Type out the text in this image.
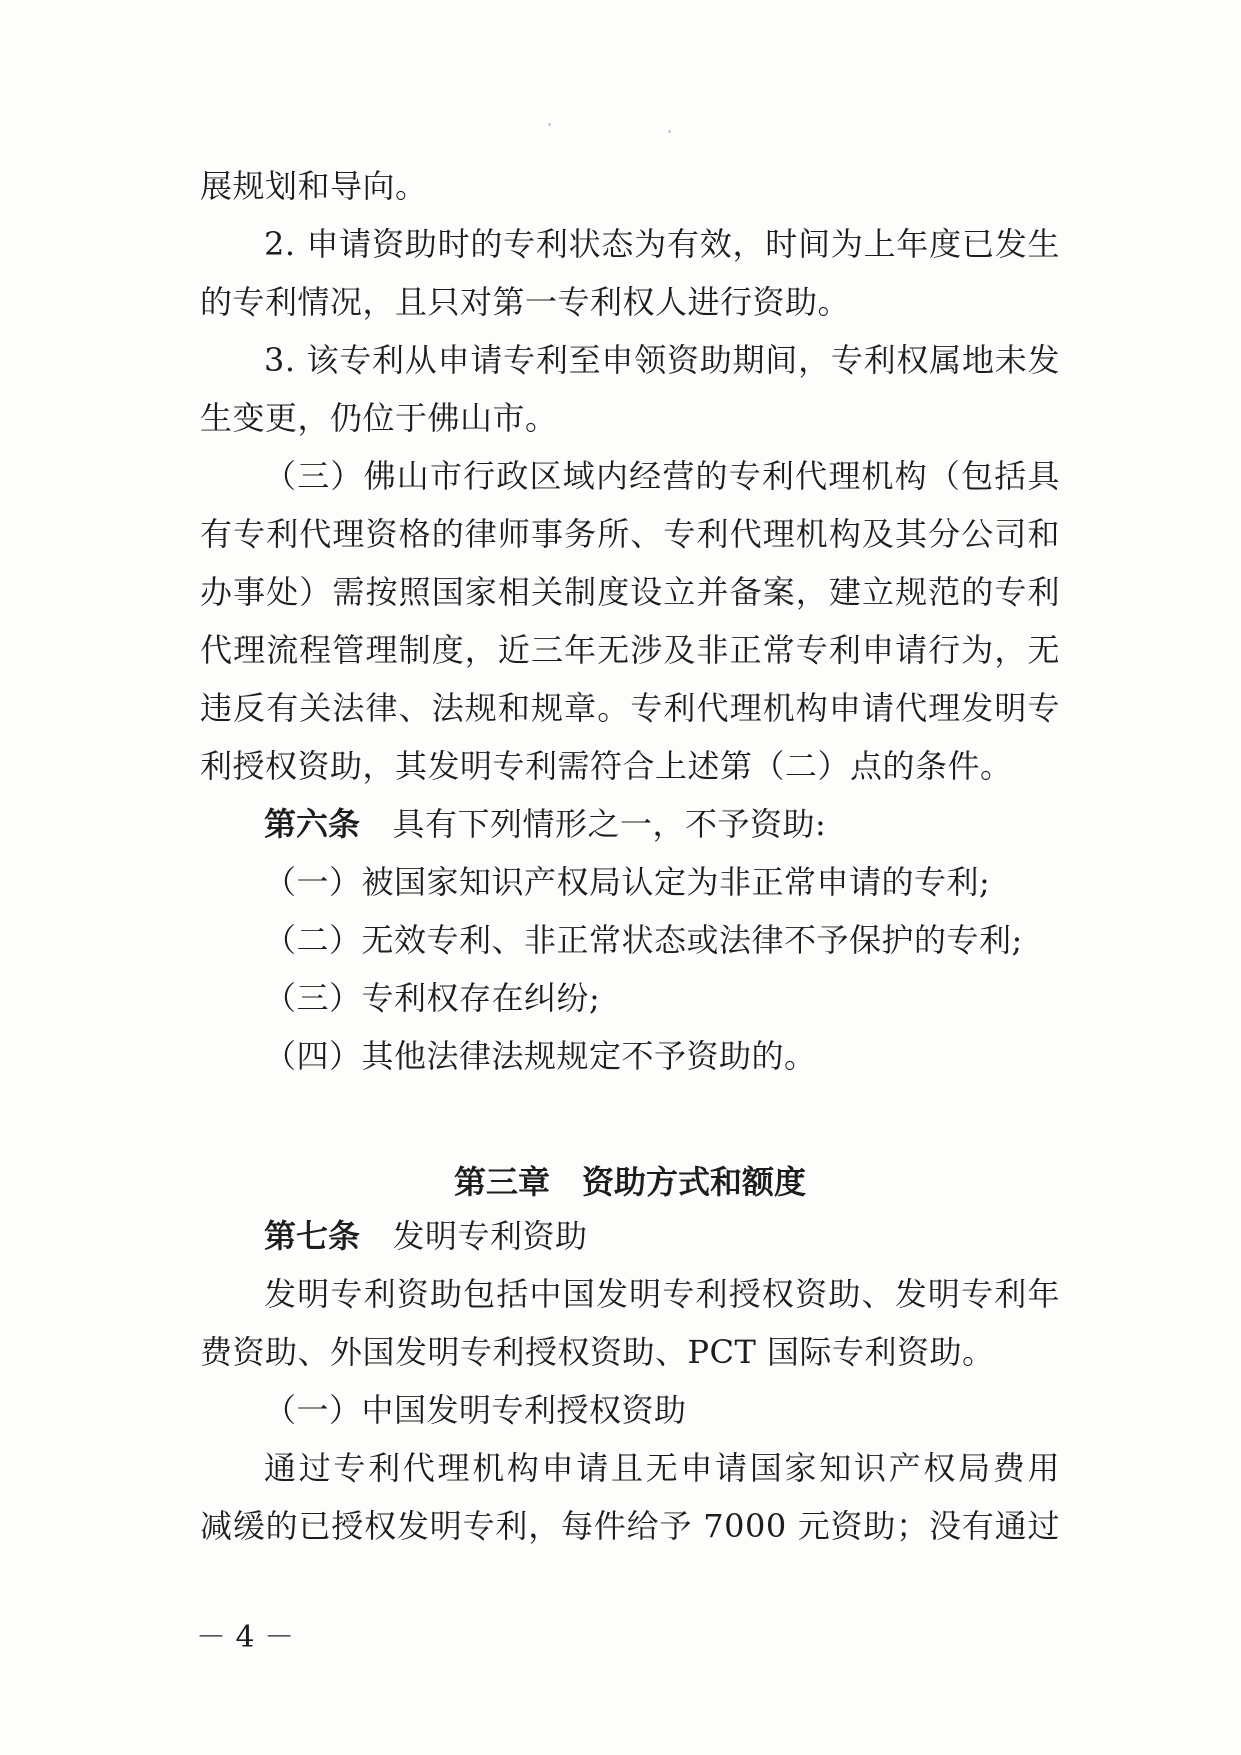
展规划和导向。
2. 申请资助时的专利状态为有效，时间为上年度已发生
的专利情况，且只对第一专利权人进行资助。
3. 该专利从申请专利至申领资助期间，专利权属地未发
生变更，仍位于佛山市。
（三）佛山市行政区域内经营的专利代理机构（包括具
有专利代理资格的律师事务所、专利代理机构及其分公司和
办事处）需按照国家相关制度设立并备案，建立规范的专利
代理流程管理制度，近三年无涉及非正常专利申请行为，无
违反有关法律、法规和规章。专利代理机构申请代理发明专
利授权资助，其发明专利需符合上述第（二）点的条件。
第六条　 具有下列情形之一，不予资助:
（一）被国家知识产权局认定为非正常申请的专利;
（二）无效专利、非正常状态或法律不予保护的专利;
（三）专利权存在纠纷;
（四）其他法律法规规定不予资助的。
第三章　资助方式和额度
第七条　 发明专利资助
发明专利资助包括中国发明专利授权资助、发明专利年
费资助、外国发明专利授权资助、PCT 国际专利资助。
（一）中国发明专利授权资助
通过专利代理机构申请且无申请国家知识产权局费用
减缓的已授权发明专利，每件给予 7000 元资助；没有通过
－ 4 －
